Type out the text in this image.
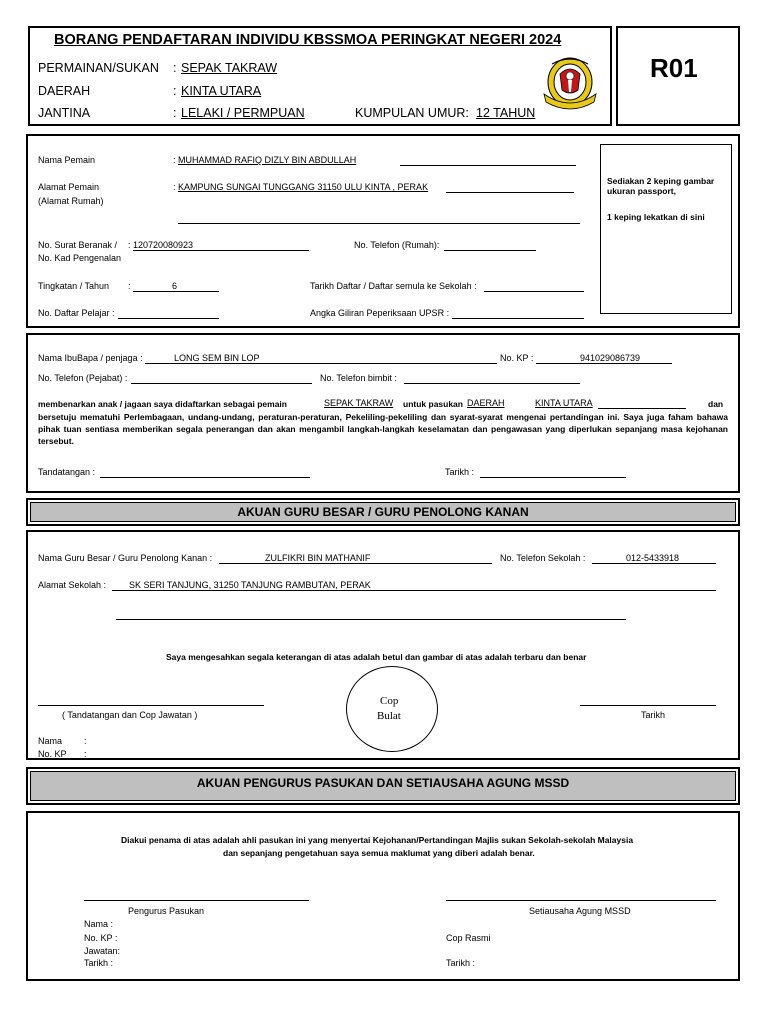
BORANG PENDAFTARAN INDIVIDU KBSSMOA PERINGKAT NEGERI 2024
PERMAINAN/SUKAN : SEPAK TAKRAW
DAERAH	: KINTA UTARA
JANTINA	: LELAKI / PERMPUAN	KUMPULAN UMUR: 12 TAHUN
R01
Sediakan 2 keping gambar ukuran passport,
1 keping lekatkan di sini
Nama Pemain	: MUHAMMAD RAFIQ DIZLY BIN ABDULLAH
Alamat Pemain
(Alamat Rumah)
: KAMPUNG SUNGAI TUNGGANG 31150 ULU KINTA , PERAK
No. Surat Beranak /
No. Kad Pengenalan
: 120720080923	No. Telefon (Rumah):
Tingkatan / Tahun :	6	Tarikh Daftar / Daftar semula ke Sekolah :
No. Daftar Pelajar :	Angka Giliran Peperiksaan UPSR :
Nama IbuBapa / penjaga :	LONG SEM BIN LOP	No. KP :	941029086739
No. Telefon (Pejabat) :	No. Telefon bimbit :
membenarkan anak / jagaan saya didaftarkan sebagai pemain	SEPAK TAKRAW untuk pasukan DAERAH	KINTA UTARA	dan
bersetuju mematuhi Perlembagaan, undang-undang, peraturan-peraturan, Pekeliling-pekeliling dan syarat-syarat mengenai pertandingan ini. Saya juga faham bahawa pihak tuan sentiasa memberikan segala penerangan dan akan mengambil langkah-langkah keselamatan dan pengawasan yang diperlukan sepanjang masa kejohanan tersebut.
Tandatangan :	Tarikh :
AKUAN GURU BESAR / GURU PENOLONG KANAN
Nama Guru Besar / Guru Penolong Kanan :	ZULFIKRI BIN MATHANIF	No. Telefon Sekolah :	012-5433918
Alamat Sekolah :	SK SERI TANJUNG, 31250 TANJUNG RAMBUTAN, PERAK
Saya mengesahkan segala keterangan di atas adalah betul dan gambar di atas adalah terbaru dan benar
( Tandatangan dan Cop Jawatan )
Cop
Bulat	Tarikh
Nama :
No. KP :
AKUAN PENGURUS PASUKAN DAN SETIAUSAHA AGUNG MSSD
Diakui penama di atas adalah ahli pasukan ini yang menyertai Kejohanan/Pertandingan Majlis sukan Sekolah-sekolah Malaysia
dan sepanjang pengetahuan saya semua maklumat yang diberi adalah benar.
Pengurus Pasukan
Nama :
No. KP :
Jawatan:
Tarikh :
Setiausaha Agung MSSD
Cop Rasmi
Tarikh :
